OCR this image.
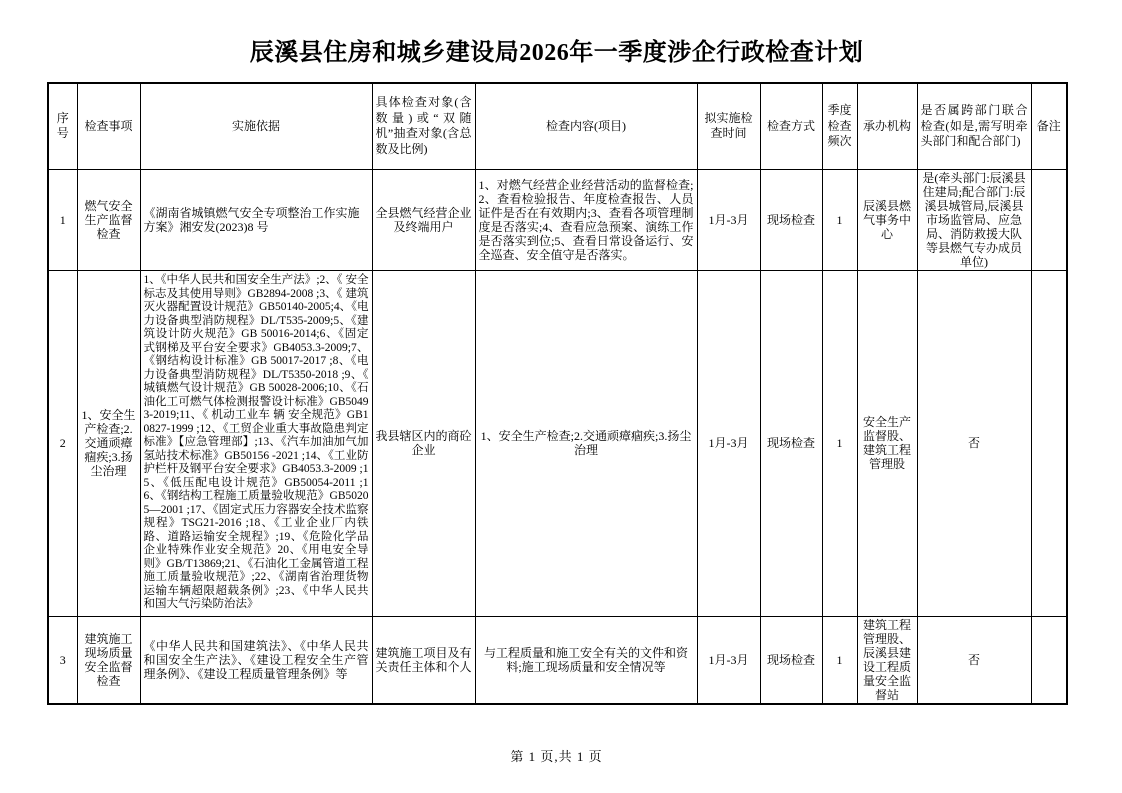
辰溪县住房和城乡建设局2026年一季度涉企行政检查计划
序号	检查事项	实施依据	具体检查对象(含数量)或“双随机”抽查对象(含总数及比例)	检查内容(项目)	拟实施检查时间	检查方式	季度检查频次	承办机构	是否属跨部门联合检查(如是,需写明牵头部门和配合部门)	备注
1	燃气安全生产监督检查	《湖南省城镇燃气安全专项整治工作实施方案》湘安发(2023)8 号	全县燃气经营企业及终端用户	1、对燃气经营企业经营活动的监督检查;2、查看检验报告、年度检查报告、人员证件是否在有效期内;3、查看各项管理制度是否落实;4、查看应急预案、演练工作是否落实到位;5、查看日常设备运行、安全巡查、安全值守是否落实。	1月-3月	现场检查	1	辰溪县燃气事务中心	是(牵头部门:辰溪县住建局;配合部门:辰溪县城管局,辰溪县市场监管局、应急局、消防救援大队等县燃气专办成员单位)	
2	1、安全生产检查;2.交通顽瘴痼疾;3.扬尘治理	1、《中华人民共和国安全生产法》;2、《 安全标志及其使用导则》GB2894-2008 ;3、《 建筑灭火器配置设计规范》GB50140-2005;4、《电力设备典型消防规程》DL/T535-2009;5、《建筑设计防火规范》GB 50016-2014;6、《固定式钢梯及平台安全要求》GB4053.3-2009;7、《钢结构设计标准》GB 50017-2017 ;8、《电力设备典型消防规程》DL/T5350-2018 ;9、《 城镇燃气设计规范》GB 50028-2006;10、《石油化工可燃气体检测报警设计标准》GB50493-2019;11、《 机动工业车 辆 安全规范》GB10827-1999 ;12、《工贸企业重大事故隐患判定标准》【应急管理部】;13、《汽车加油加气加氢站技术标准》GB50156 -2021 ;14、《工业防护栏杆及钢平台安全要求》GB4053.3-2009 ;15、《低压配电设计规范》GB50054-2011 ;16、《钢结构工程施工质量验收规范》GB50205—2001 ;17、《固定式压力容器安全技术监察规程》TSG21-2016 ;18、《工业企业厂内铁路、道路运输安全规程》;19、《危险化学品企业特殊作业安全规范》20、《用电安全导则》GB/T13869;21、《石油化工金属管道工程施工质量验收规范》;22、《湖南省治理货物运输车辆超限超载条例》;23、《中华人民共和国大气污染防治法》	我县辖区内的商砼企业	1、安全生产检查;2.交通顽瘴痼疾;3.扬尘治理	1月-3月	现场检查	1	安全生产监督股、建筑工程管理股	否	
3	建筑施工现场质量安全监督检查	《中华人民共和国建筑法》、《中华人民共和国安全生产法》、《建设工程安全生产管理条例》、《建设工程质量管理条例》等	建筑施工项目及有关责任主体和个人	与工程质量和施工安全有关的文件和资料;施工现场质量和安全情况等	1月-3月	现场检查	1	建筑工程管理股、辰溪县建设工程质量安全监督站	否	
第 1 页,共 1 页
